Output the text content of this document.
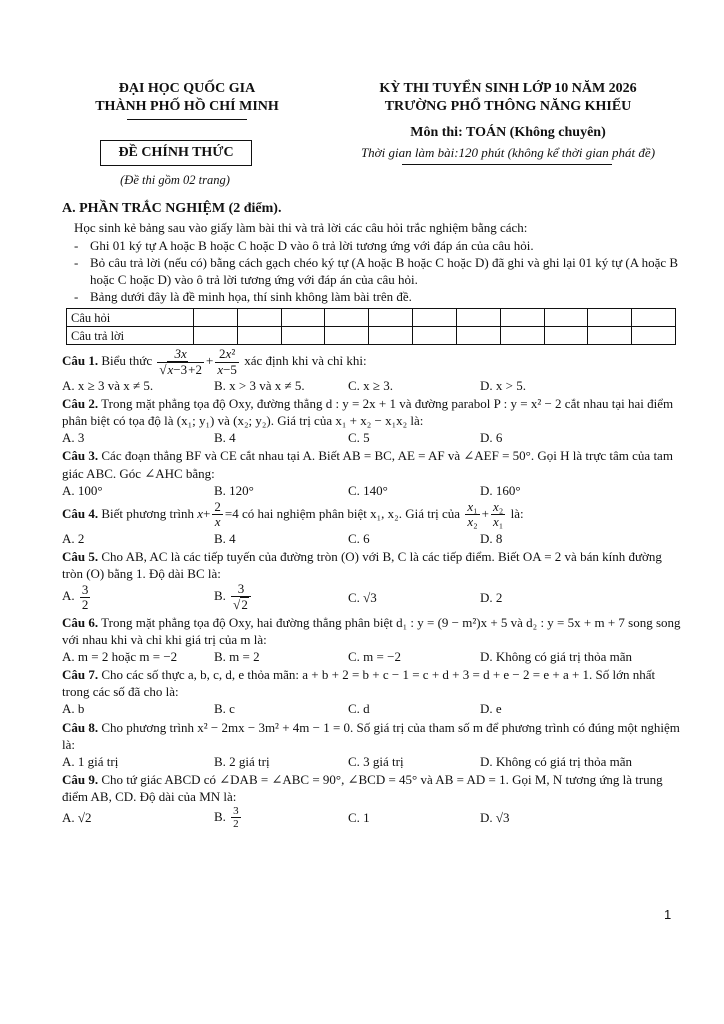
ĐẠI HỌC QUỐC GIA
THÀNH PHỐ HỒ CHÍ MINH
ĐỀ CHÍNH THỨC
(Đề thi gồm 02 trang)
KỲ THI TUYỂN SINH LỚP 10 NĂM 2026
TRƯỜNG PHỔ THÔNG NĂNG KHIẾU
Môn thi: TOÁN (Không chuyên)
Thời gian làm bài:120 phút (không kể thời gian phát đề)
A. PHẦN TRẮC NGHIỆM (2 điểm).
Học sinh kẻ bảng sau vào giấy làm bài thi và trả lời các câu hỏi trắc nghiệm bằng cách:
- Ghi 01 ký tự A hoặc B hoặc C hoặc D vào ô trả lời tương ứng với đáp án của câu hỏi.
- Bỏ câu trả lời (nếu có) bằng cách gạch chéo ký tự (A hoặc B hoặc C hoặc D) đã ghi và ghi lại 01 ký tự (A hoặc B hoặc C hoặc D) vào ô trả lời tương ứng với đáp án của câu hỏi.
- Bảng dưới đây là đề minh họa, thí sinh không làm bài trên đề.
Câu hỏi											
Câu trả lời											
Câu 1. Biểu thức $\frac{3x}{√x-3+2} + \frac{\text{2x²}}{x-5}$ xác định khi và chỉ khi:
A. x ≥ 3 và x ≠ 5.	B. x > 3 và x ≠ 5.	C. x ≥ 3.	D. x > 5.
Câu 2. Trong mặt phẳng tọa độ Oxy, đường thẳng d : y = 2x + 1 và đường parabol P : y = x² − 2 cắt nhau tại hai điểm phân biệt có tọa độ là (x₁; y₁) và (x₂; y₂). Giá trị của x₁ + x₂ − x₁x₂ là:
A. 3	B. 4	C. 5	D. 6
Câu 3. Các đoạn thẳng BF và CE cắt nhau tại A. Biết AB = BC, AE = AF và ∠AEF = 50°. Gọi H là trực tâm của tam giác ABC. Góc ∠AHC bằng:
A. 100°	B. 120°	C. 140°	D. 160°
Câu 4. Biết phương trình $x+ \frac{2}{x} =4$ có hai nghiệm phân biệt x₁, x₂. Giá trị của $\frac{\text{x₁}}{\text{x₂}} + \frac{\text{x₂}}{\text{x₁}}$ là:
A. 2	B. 4	C. 6	D. 8
Câu 5. Cho AB, AC là các tiếp tuyến của đường tròn (O) với B, C là các tiếp điểm. Biết OA = 2 và bán kính đường tròn (O) bằng 1. Độ dài BC là:
A. $\frac{3}{2}$	B. $\frac{3}{√2}$	C. √3	D. 2
Câu 6. Trong mặt phẳng tọa độ Oxy, hai đường thẳng phân biệt d₁ : y = (9 − m²)x + 5 và d₂ : y = 5x + m + 7 song song với nhau khi và chỉ khi giá trị của m là:
A. m = 2 hoặc m = −2	B. m = 2	C. m = −2	D. Không có giá trị thỏa mãn
Câu 7. Cho các số thực a, b, c, d, e thỏa mãn: a + b + 2 = b + c − 1 = c + d + 3 = d + e − 2 = e + a + 1. Số lớn nhất trong các số đã cho là:
A. b	B. c	C. d	D. e
Câu 8. Cho phương trình x² − 2mx − 3m² + 4m − 1 = 0. Số giá trị của tham số m để phương trình có đúng một nghiệm là:
A. 1 giá trị	B. 2 giá trị	C. 3 giá trị	D. Không có giá trị thỏa mãn
Câu 9. Cho tứ giác ABCD có ∠DAB = ∠ABC = 90°, ∠BCD = 45° và AB = AD = 1. Gọi M, N tương ứng là trung điểm AB, CD. Độ dài của MN là:
A. √2	B. $\frac{3}{2}$	C. 1	D. √3
1
